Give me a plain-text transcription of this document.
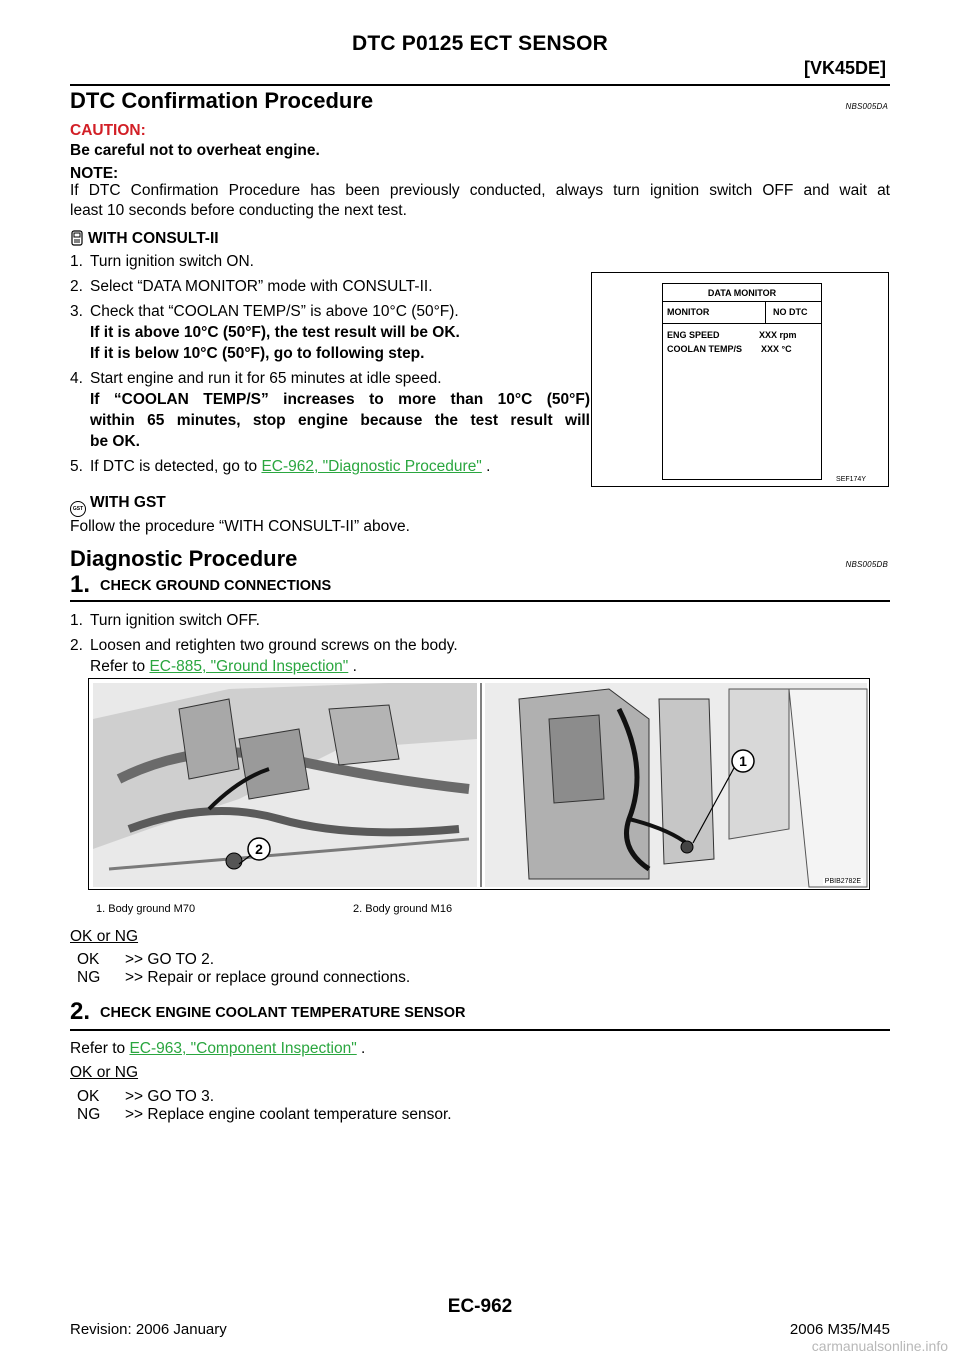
DTC P0125 ECT SENSOR
[VK45DE]
DTC Confirmation Procedure	NBS005DA
CAUTION:
Be careful not to overheat engine.
NOTE:
If DTC Confirmation Procedure has been previously conducted, always turn ignition switch OFF and wait at
least 10 seconds before conducting the next test.
WITH CONSULT-II
1. Turn ignition switch ON.
2. Select “DATA MONITOR” mode with CONSULT-II.
3. Check that “COOLAN TEMP/S” is above 10°C (50°F).
If it is above 10°C (50°F), the test result will be OK.
If it is below 10°C (50°F), go to following step.
4. Start engine and run it for 65 minutes at idle speed.
If “COOLAN TEMP/S” increases to more than 10°C (50°F)
within 65 minutes, stop engine because the test result will
be OK.
5. If DTC is detected, go to EC-962, "Diagnostic Procedure" .
DATA MONITOR
MONITOR	NO DTC
ENG SPEED	XXX rpm
COOLAN TEMP/S XXX °C
SEF174Y
GST WITH GST
Follow the procedure “WITH CONSULT-II” above.
Diagnostic Procedure	NBS005DB
1. CHECK GROUND CONNECTIONS
1. Turn ignition switch OFF.
2. Loosen and retighten two ground screws on the body.
Refer to EC-885, "Ground Inspection" .
2
1
PBIB2782E
1. Body ground M70	2. Body ground M16
OK or NG
OK >> GO TO 2.
NG >> Repair or replace ground connections.
2. CHECK ENGINE COOLANT TEMPERATURE SENSOR
Refer to EC-963, "Component Inspection" .
OK or NG
OK >> GO TO 3.
NG >> Replace engine coolant temperature sensor.
EC-962
Revision: 2006 January	2006 M35/M45
carmanualsonline.info
